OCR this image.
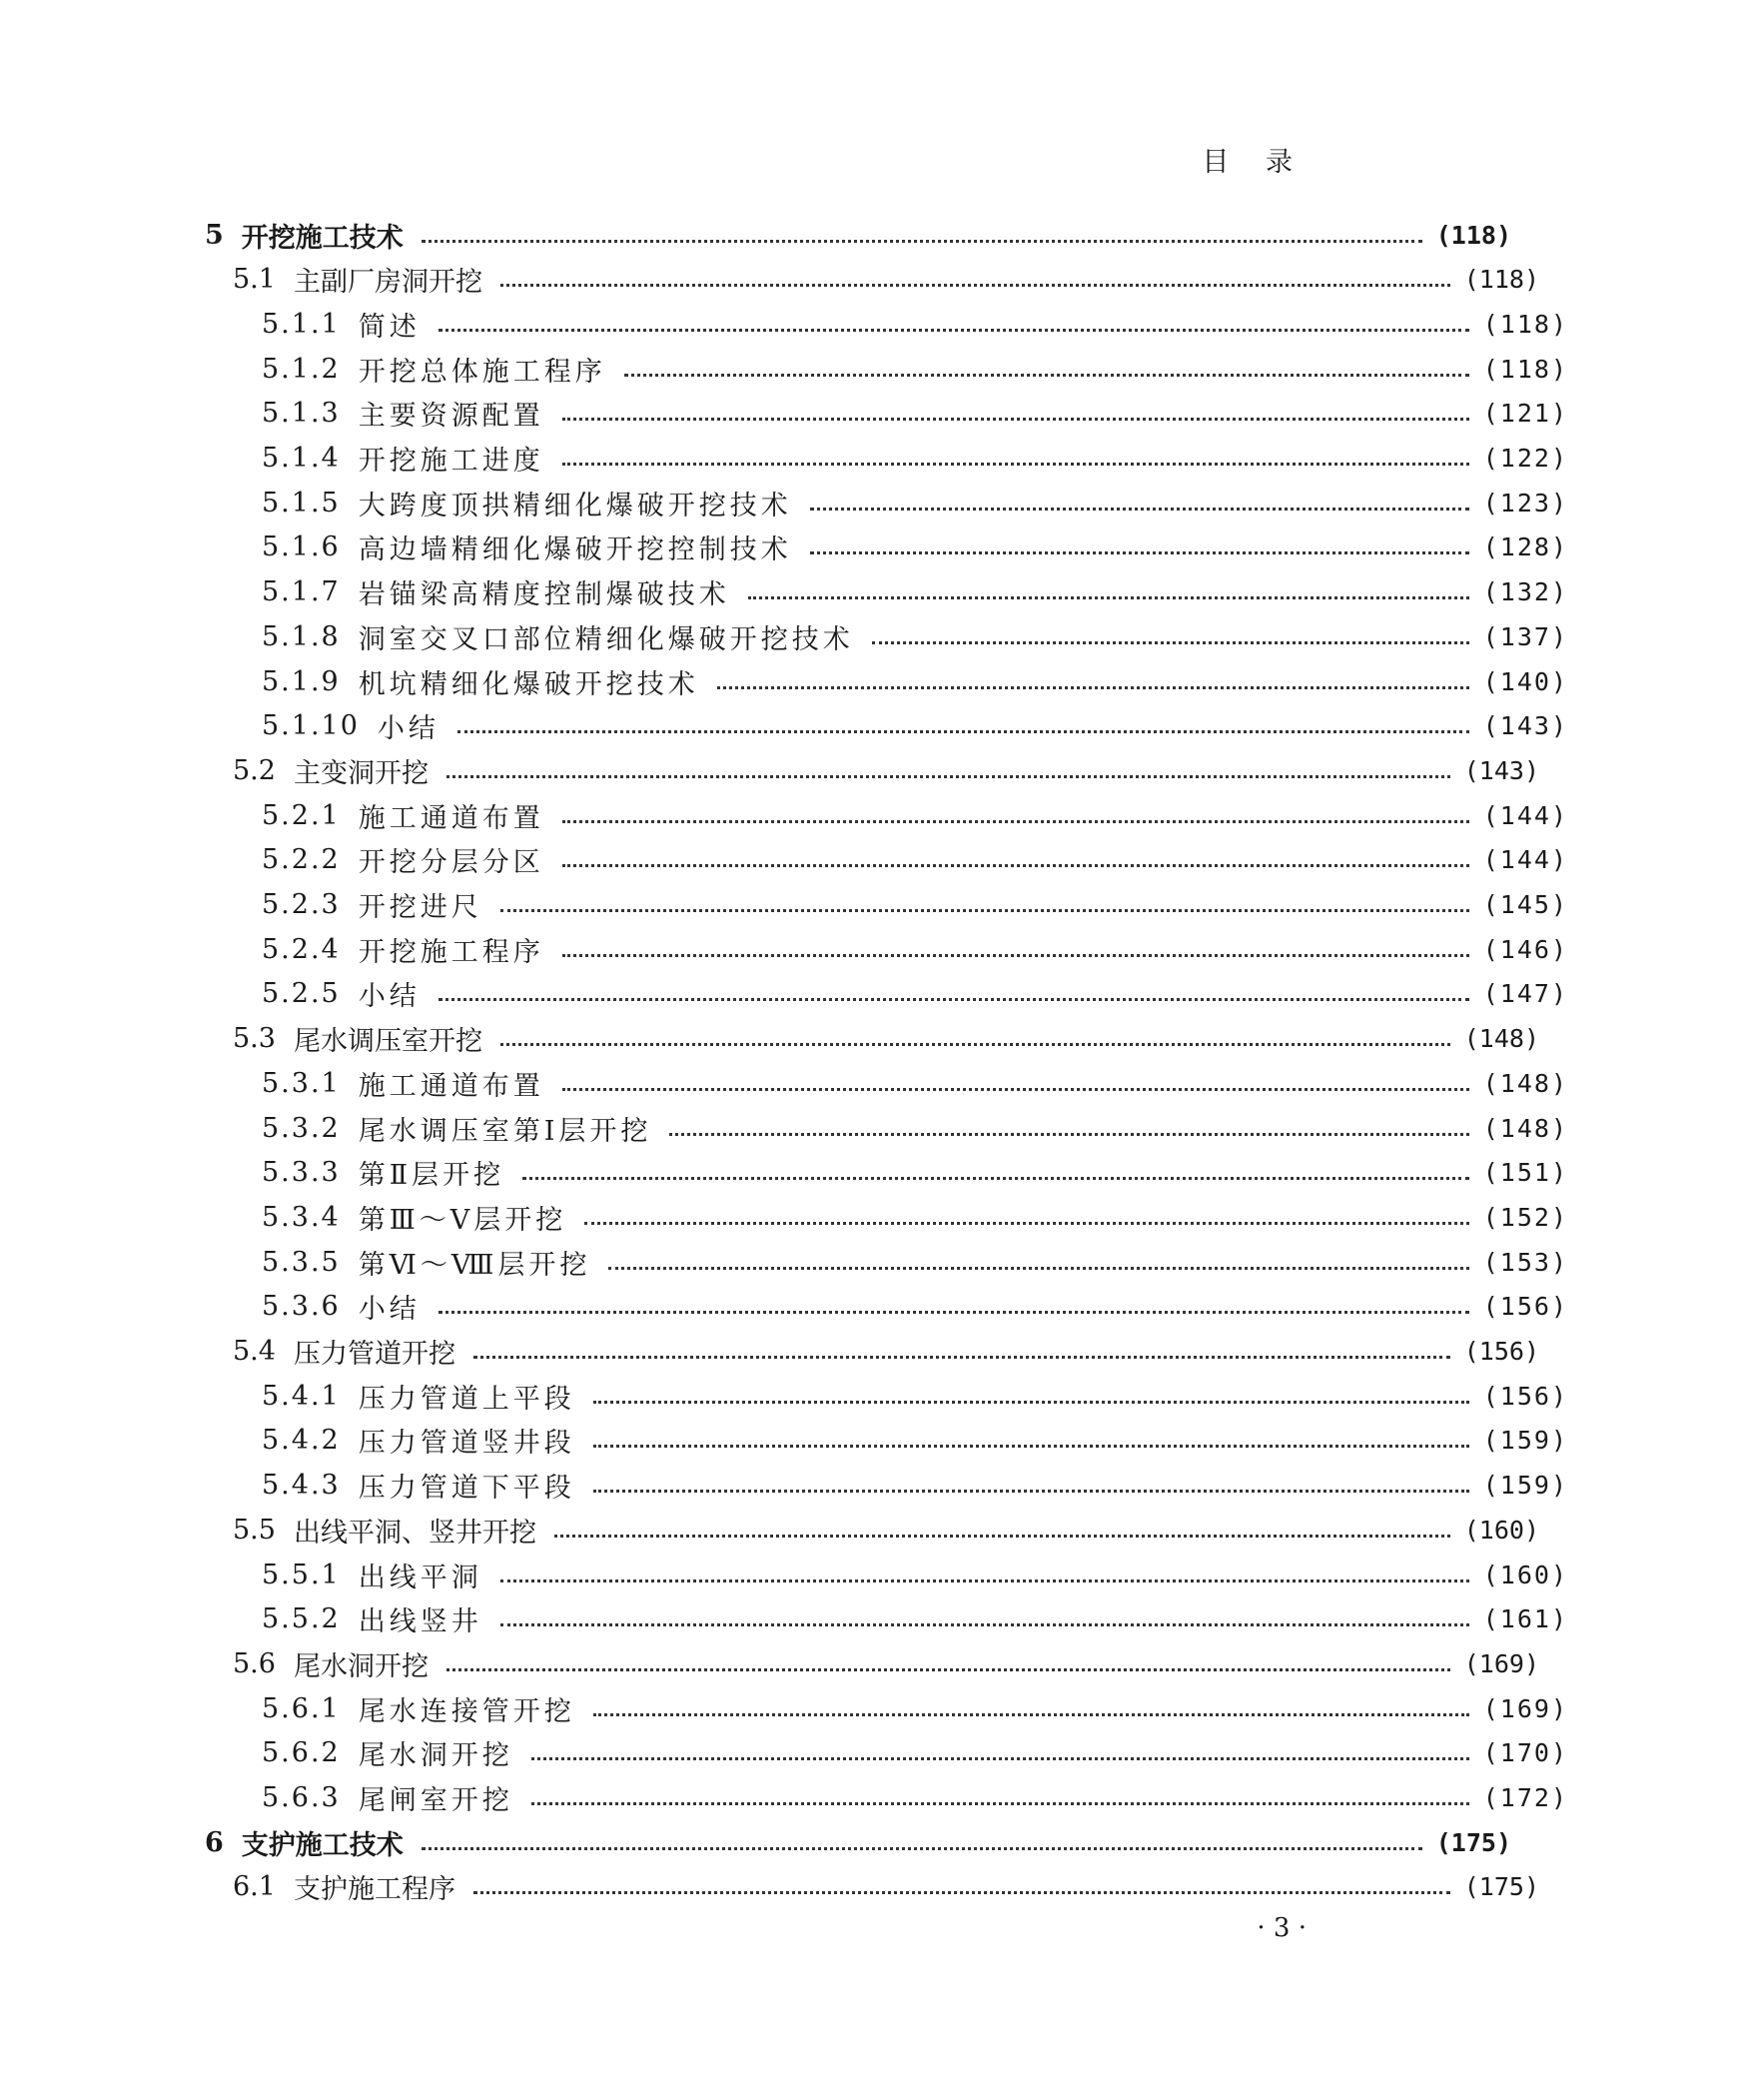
目 录
5 开挖施工技术	(118)
5.1 主副厂房洞开挖	(118)
5.1.1 简述	(118)
5.1.2 开挖总体施工程序	(118)
5.1.3 主要资源配置	(121)
5.1.4 开挖施工进度	(122)
5.1.5 大跨度顶拱精细化爆破开挖技术	(123)
5.1.6 高边墙精细化爆破开挖控制技术	(128)
5.1.7 岩锚梁高精度控制爆破技术	(132)
5.1.8 洞室交叉口部位精细化爆破开挖技术	(137)
5.1.9 机坑精细化爆破开挖技术	(140)
5.1.10 小结	(143)
5.2 主变洞开挖	(143)
5.2.1 施工通道布置	(144)
5.2.2 开挖分层分区	(144)
5.2.3 开挖进尺	(145)
5.2.4 开挖施工程序	(146)
5.2.5 小结	(147)
5.3 尾水调压室开挖	(148)
5.3.1 施工通道布置	(148)
5.3.2 尾水调压室第Ⅰ层开挖	(148)
5.3.3 第Ⅱ层开挖	(151)
5.3.4 第Ⅲ～Ⅴ层开挖	(152)
5.3.5 第Ⅵ～Ⅷ层开挖	(153)
5.3.6 小结	(156)
5.4 压力管道开挖	(156)
5.4.1 压力管道上平段	(156)
5.4.2 压力管道竖井段	(159)
5.4.3 压力管道下平段	(159)
5.5 出线平洞、竖井开挖	(160)
5.5.1 出线平洞	(160)
5.5.2 出线竖井	(161)
5.6 尾水洞开挖	(169)
5.6.1 尾水连接管开挖	(169)
5.6.2 尾水洞开挖	(170)
5.6.3 尾闸室开挖	(172)
6 支护施工技术	(175)
6.1 支护施工程序	(175)
· 3 ·
